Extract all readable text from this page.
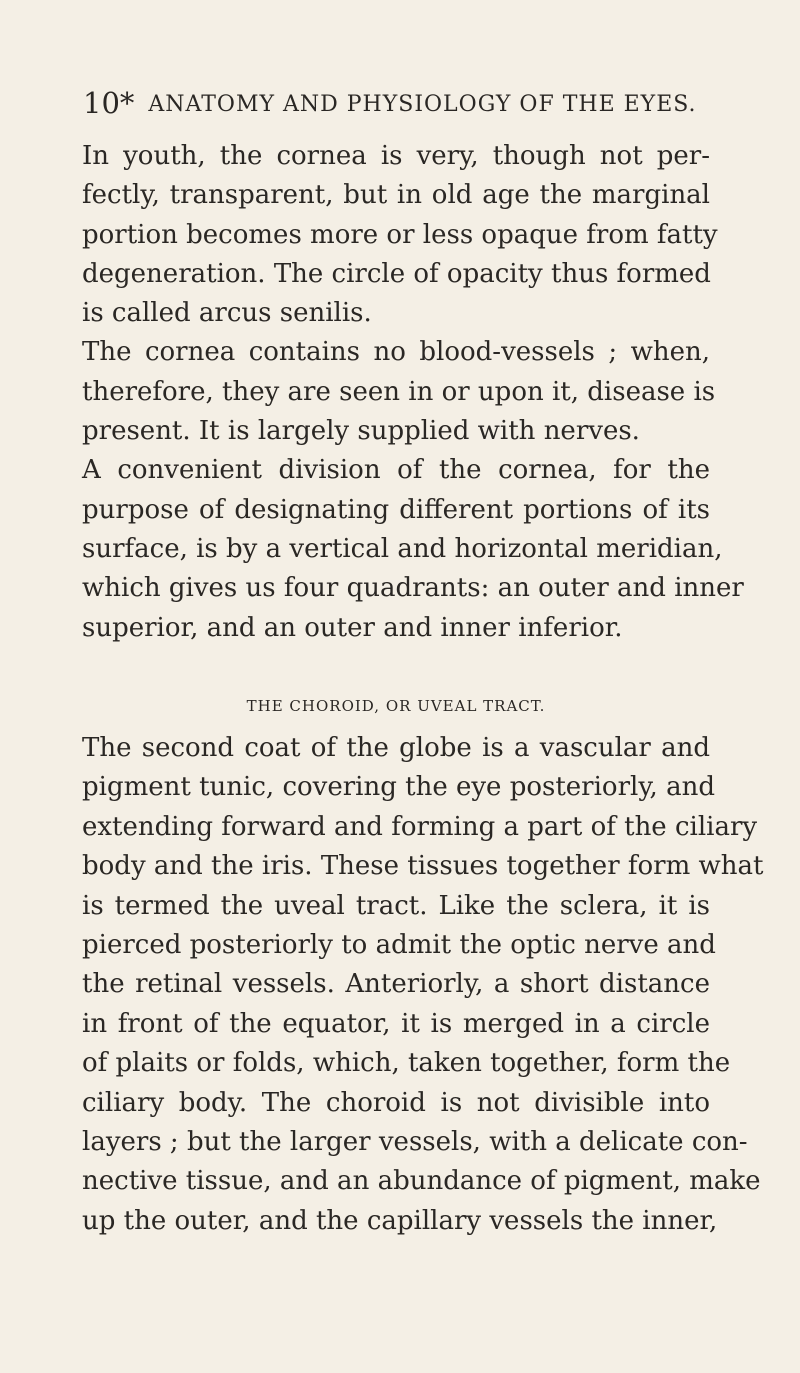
10* ANATOMY AND PHYSIOLOGY OF THE EYES.
In youth, the cornea is very, though not per-
fectly, transparent, but in old age the marginal
portion becomes more or less opaque from fatty
degeneration. The circle of opacity thus formed
is called arcus senilis.
The cornea contains no blood-vessels ; when,
therefore, they are seen in or upon it, disease is
present. It is largely supplied with nerves.
A convenient division of the cornea, for the
purpose of designating different portions of its
surface, is by a vertical and horizontal meridian,
which gives us four quadrants: an outer and inner
superior, and an outer and inner inferior.
THE CHOROID, OR UVEAL TRACT.
The second coat of the globe is a vascular and
pigment tunic, covering the eye posteriorly, and
extending forward and forming a part of the ciliary
body and the iris. These tissues together form what
is termed the uveal tract. Like the sclera, it is
pierced posteriorly to admit the optic nerve and
the retinal vessels. Anteriorly, a short distance
in front of the equator, it is merged in a circle
of plaits or folds, which, taken together, form the
ciliary body. The choroid is not divisible into
layers ; but the larger vessels, with a delicate con-
nective tissue, and an abundance of pigment, make
up the outer, and the capillary vessels the inner,
